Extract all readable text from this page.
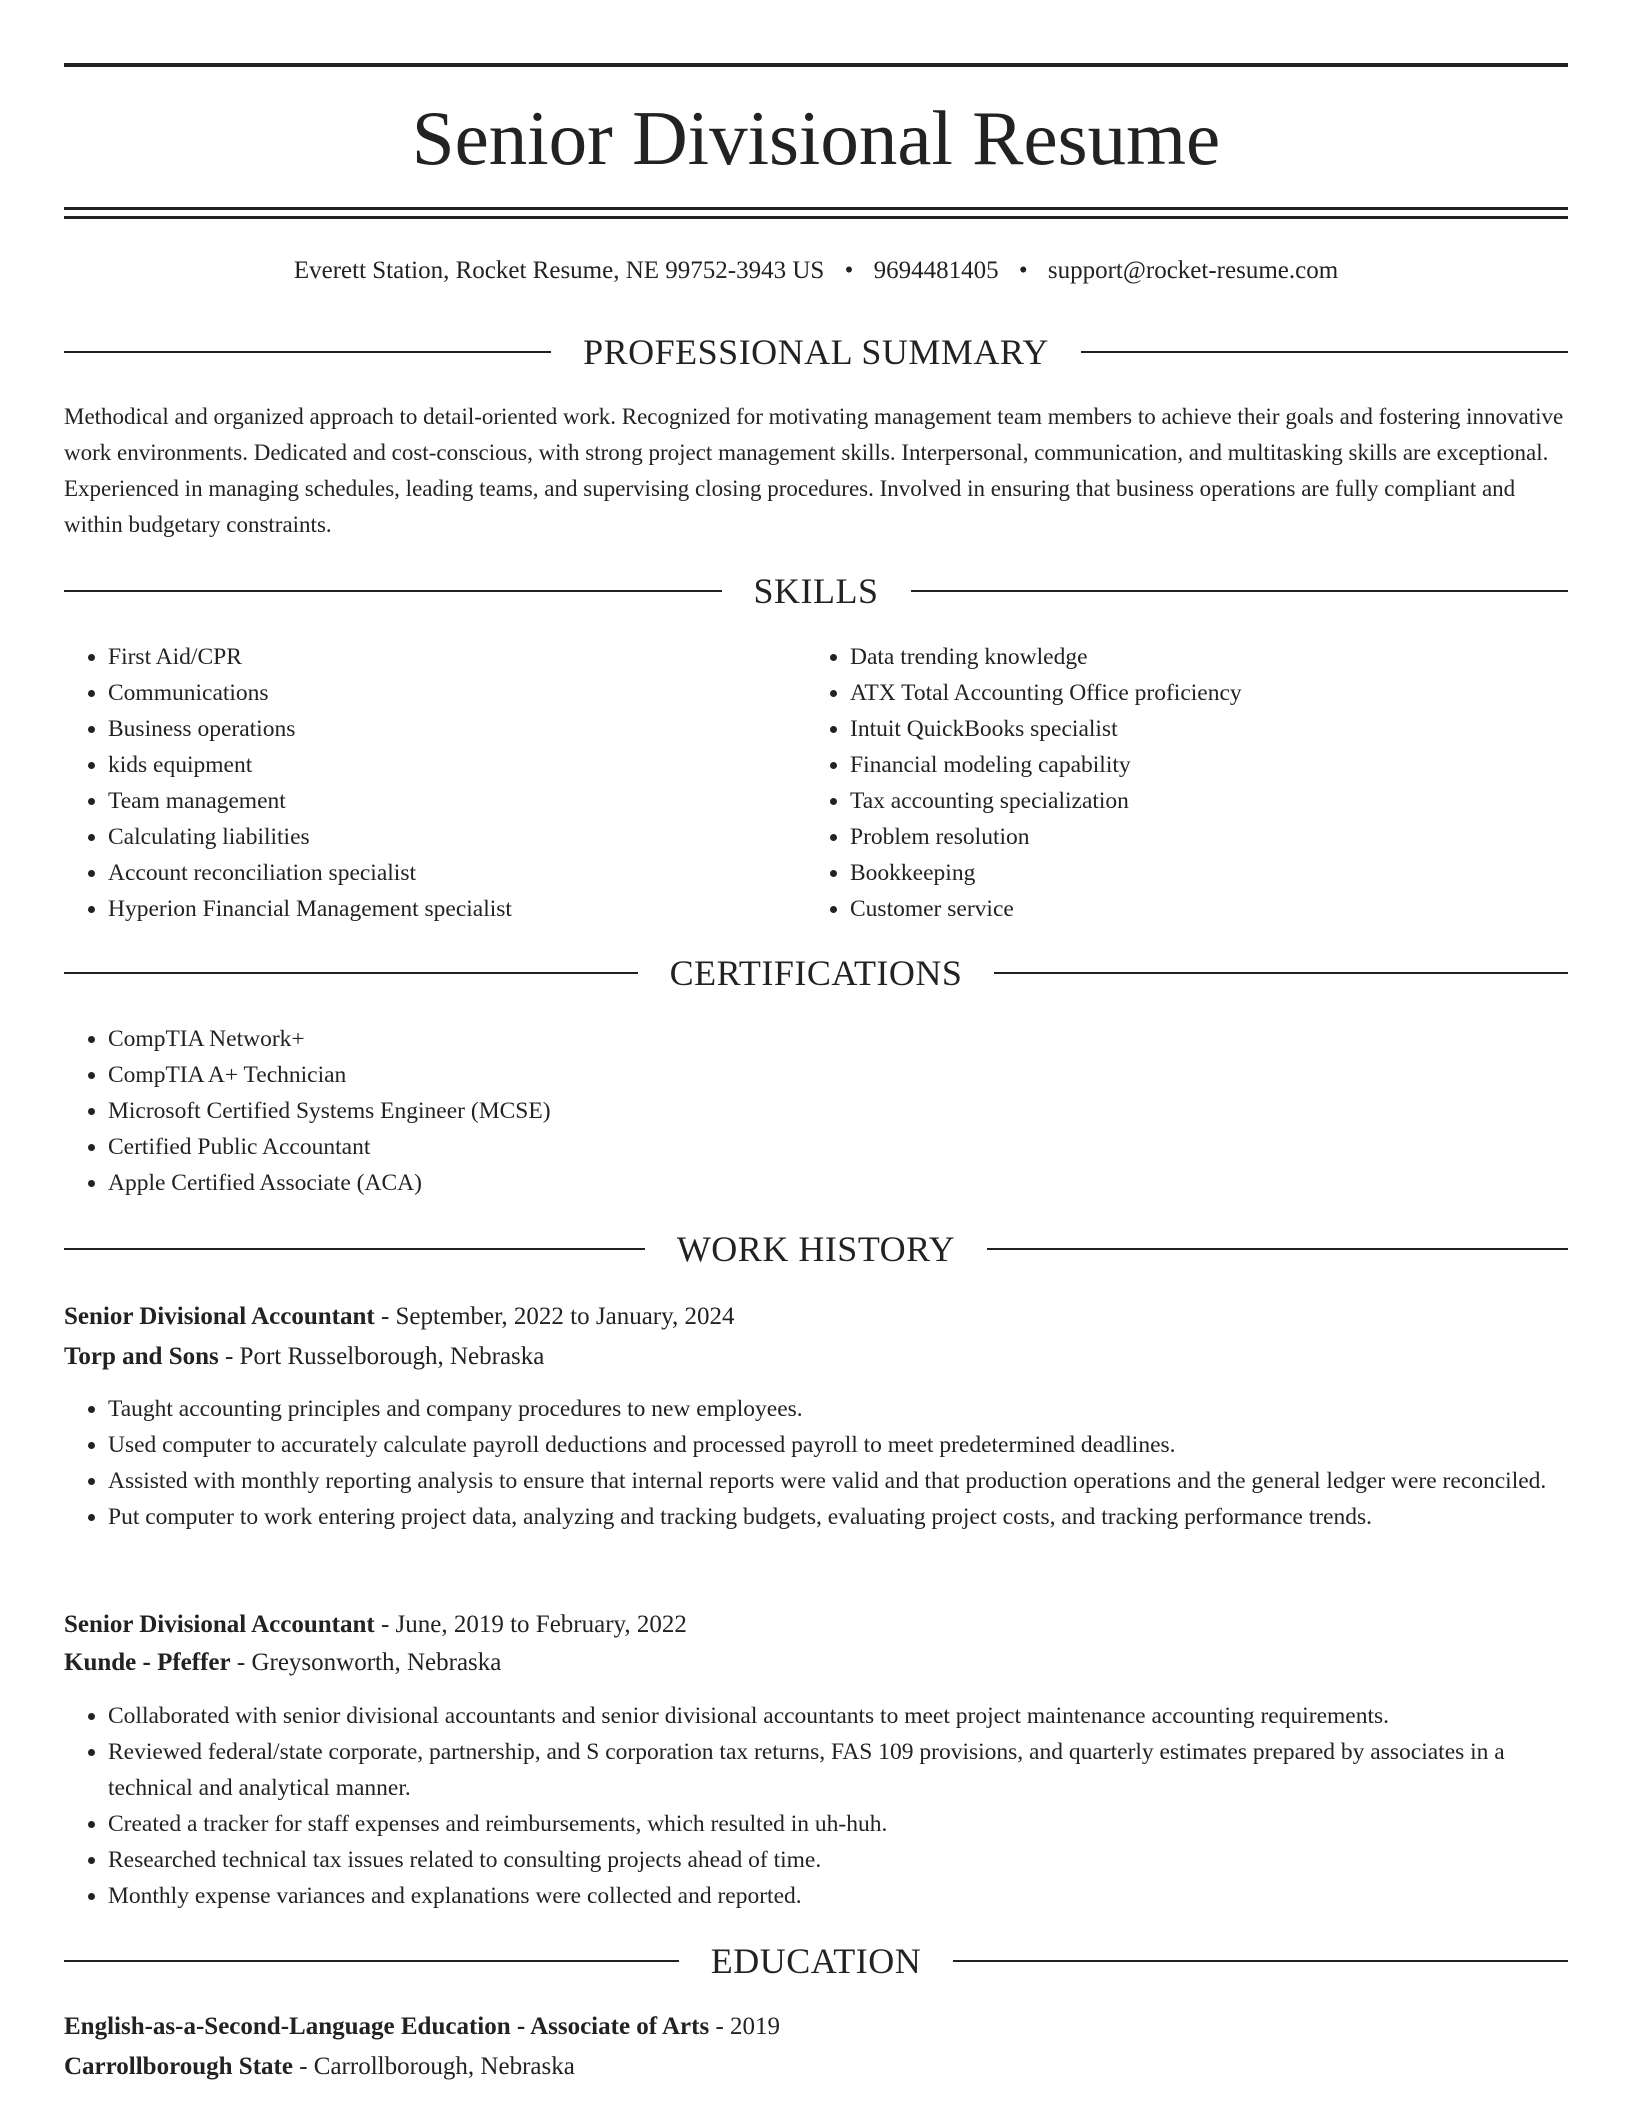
Senior Divisional Resume
Everett Station, Rocket Resume, NE 99752-3943 US • 9694481405 • support@rocket-resume.com
PROFESSIONAL SUMMARY

Methodical and organized approach to detail-oriented work. Recognized for motivating management team members to achieve their goals and fostering innovative work environments. Dedicated and cost-conscious, with strong project management skills. Interpersonal, communication, and multitasking skills are exceptional. Experienced in managing schedules, leading teams, and supervising closing procedures. Involved in ensuring that business operations are fully compliant and within budgetary constraints.

SKILLS
• First Aid/CPR
• Communications
• Business operations
• kids equipment
• Team management
• Calculating liabilities
• Account reconciliation specialist
• Hyperion Financial Management specialist
• Data trending knowledge
• ATX Total Accounting Office proficiency
• Intuit QuickBooks specialist
• Financial modeling capability
• Tax accounting specialization
• Problem resolution
• Bookkeeping
• Customer service
CERTIFICATIONS
• CompTIA Network+
• CompTIA A+ Technician
• Microsoft Certified Systems Engineer (MCSE)
• Certified Public Accountant
• Apple Certified Associate (ACA)
WORK HISTORY
Senior Divisional Accountant - September, 2022 to January, 2024
Torp and Sons - Port Russelborough, Nebraska
• Taught accounting principles and company procedures to new employees.
• Used computer to accurately calculate payroll deductions and processed payroll to meet predetermined deadlines.
• Assisted with monthly reporting analysis to ensure that internal reports were valid and that production operations and the general ledger were reconciled.
• Put computer to work entering project data, analyzing and tracking budgets, evaluating project costs, and tracking performance trends.
Senior Divisional Accountant - June, 2019 to February, 2022
Kunde - Pfeffer - Greysonworth, Nebraska
• Collaborated with senior divisional accountants and senior divisional accountants to meet project maintenance accounting requirements.
• Reviewed federal/state corporate, partnership, and S corporation tax returns, FAS 109 provisions, and quarterly estimates prepared by associates in a technical and analytical manner.
• Created a tracker for staff expenses and reimbursements, which resulted in uh-huh.
• Researched technical tax issues related to consulting projects ahead of time.
• Monthly expense variances and explanations were collected and reported.
EDUCATION
English-as-a-Second-Language Education - Associate of Arts - 2019
Carrollborough State - Carrollborough, Nebraska
